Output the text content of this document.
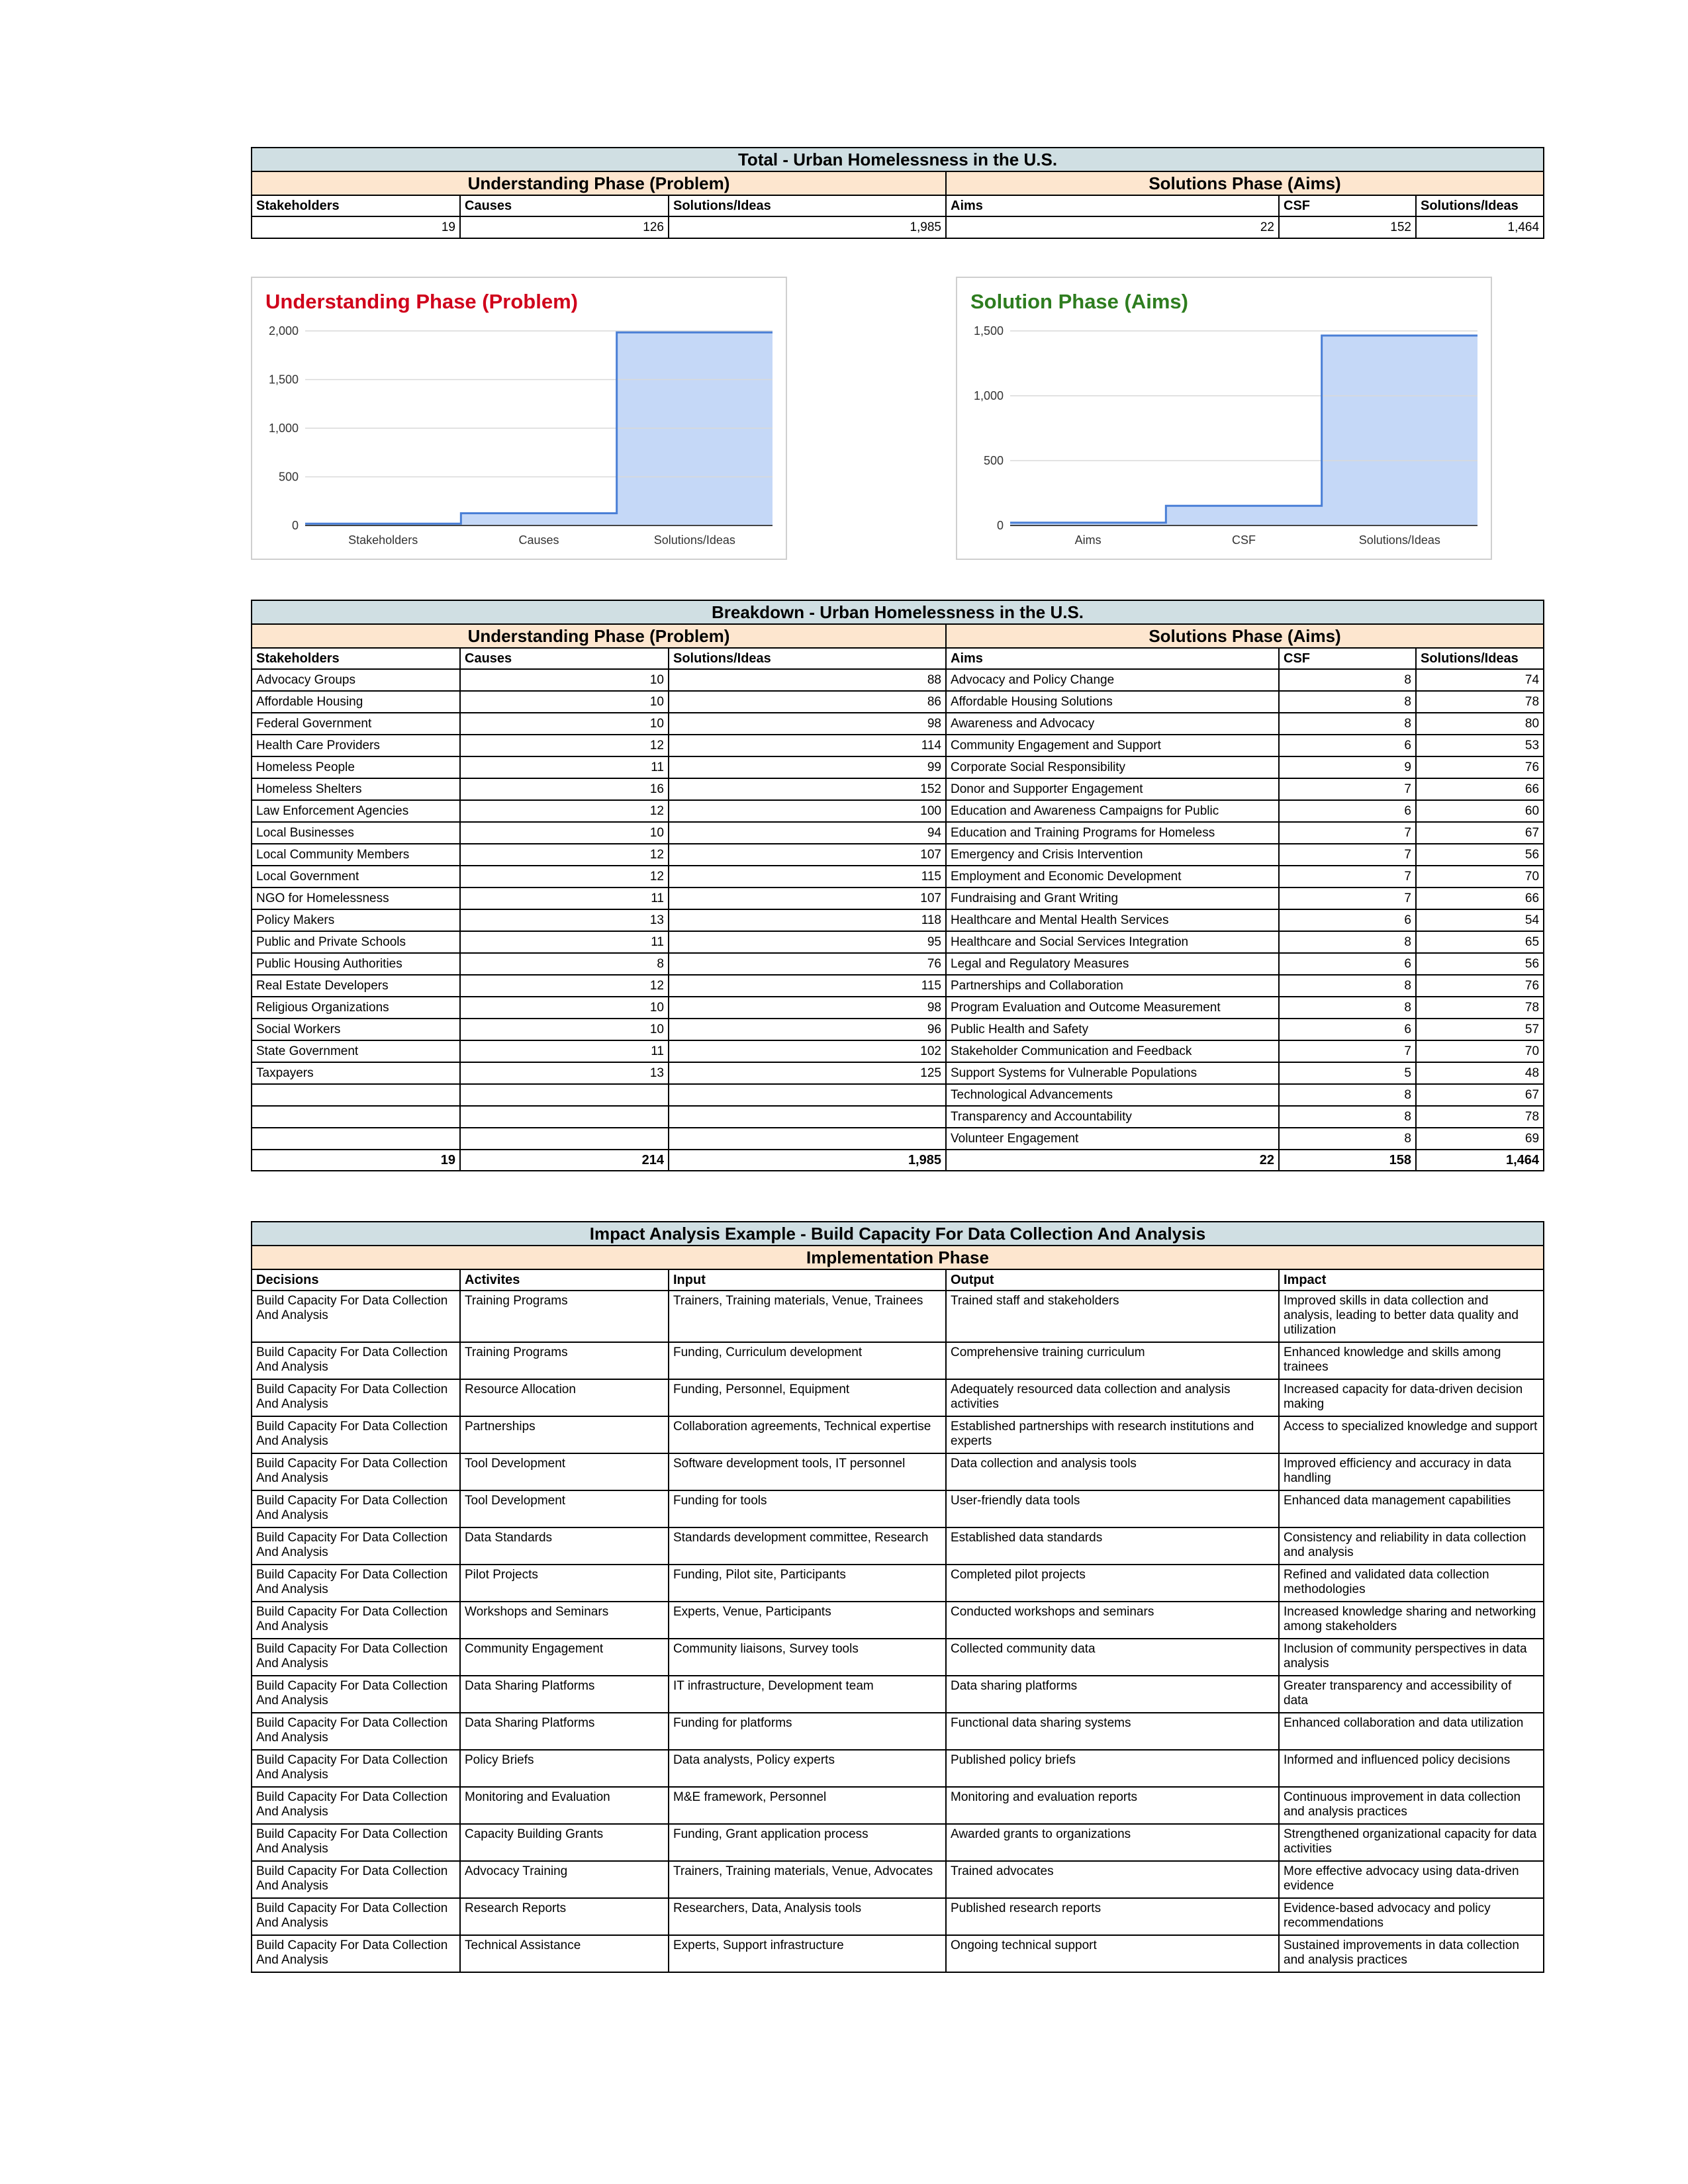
Total - Urban Homelessness in the U.S.					
Understanding Phase (Problem)			Solutions Phase (Aims)		
Stakeholders	Causes	Solutions/Ideas	Aims	CSF	Solutions/Ideas
19	126	1,985	22	152	1,464
Understanding Phase (Problem)
0
500
1,000
1,500
2,000
Stakeholders	Causes	Solutions/Ideas
Solution Phase (Aims)
0
500
1,000
1,500
Aims	CSF	Solutions/Ideas
Breakdown - Urban Homelessness in the U.S.					
Understanding Phase (Problem)			Solutions Phase (Aims)		
Stakeholders	Causes	Solutions/Ideas	Aims	CSF	Solutions/Ideas
Advocacy Groups	10	88	Advocacy and Policy Change	8	74
Affordable Housing	10	86	Affordable Housing Solutions	8	78
Federal Government	10	98	Awareness and Advocacy	8	80
Health Care Providers	12	114	Community Engagement and Support	6	53
Homeless People	11	99	Corporate Social Responsibility	9	76
Homeless Shelters	16	152	Donor and Supporter Engagement	7	66
Law Enforcement Agencies	12	100	Education and Awareness Campaigns for Public	6	60
Local Businesses	10	94	Education and Training Programs for Homeless	7	67
Local Community Members	12	107	Emergency and Crisis Intervention	7	56
Local Government	12	115	Employment and Economic Development	7	70
NGO for Homelessness	11	107	Fundraising and Grant Writing	7	66
Policy Makers	13	118	Healthcare and Mental Health Services	6	54
Public and Private Schools	11	95	Healthcare and Social Services Integration	8	65
Public Housing Authorities	8	76	Legal and Regulatory Measures	6	56
Real Estate Developers	12	115	Partnerships and Collaboration	8	76
Religious Organizations	10	98	Program Evaluation and Outcome Measurement	8	78
Social Workers	10	96	Public Health and Safety	6	57
State Government	11	102	Stakeholder Communication and Feedback	7	70
Taxpayers	13	125	Support Systems for Vulnerable Populations	5	48
			Technological Advancements	8	67
			Transparency and Accountability	8	78
			Volunteer Engagement	8	69
19	214	1,985	22	158	1,464
Impact Analysis Example - Build Capacity For Data Collection And Analysis				
Implementation Phase				
Decisions	Activites	Input	Output	Impact
Build Capacity For Data Collection And Analysis	Training Programs	Trainers, Training materials, Venue, Trainees	Trained staff and stakeholders	Improved skills in data collection and analysis, leading to better data quality and utilization
Build Capacity For Data Collection And Analysis	Training Programs	Funding, Curriculum development	Comprehensive training curriculum	Enhanced knowledge and skills among trainees
Build Capacity For Data Collection And Analysis	Resource Allocation	Funding, Personnel, Equipment	Adequately resourced data collection and analysis activities	Increased capacity for data-driven decision making
Build Capacity For Data Collection And Analysis	Partnerships	Collaboration agreements, Technical expertise	Established partnerships with research institutions and experts	Access to specialized knowledge and support
Build Capacity For Data Collection And Analysis	Tool Development	Software development tools, IT personnel	Data collection and analysis tools	Improved efficiency and accuracy in data handling
Build Capacity For Data Collection And Analysis	Tool Development	Funding for tools	User-friendly data tools	Enhanced data management capabilities
Build Capacity For Data Collection And Analysis	Data Standards	Standards development committee, Research	Established data standards	Consistency and reliability in data collection and analysis
Build Capacity For Data Collection And Analysis	Pilot Projects	Funding, Pilot site, Participants	Completed pilot projects	Refined and validated data collection methodologies
Build Capacity For Data Collection And Analysis	Workshops and Seminars	Experts, Venue, Participants	Conducted workshops and seminars	Increased knowledge sharing and networking among stakeholders
Build Capacity For Data Collection And Analysis	Community Engagement	Community liaisons, Survey tools	Collected community data	Inclusion of community perspectives in data analysis
Build Capacity For Data Collection And Analysis	Data Sharing Platforms	IT infrastructure, Development team	Data sharing platforms	Greater transparency and accessibility of data
Build Capacity For Data Collection And Analysis	Data Sharing Platforms	Funding for platforms	Functional data sharing systems	Enhanced collaboration and data utilization
Build Capacity For Data Collection And Analysis	Policy Briefs	Data analysts, Policy experts	Published policy briefs	Informed and influenced policy decisions
Build Capacity For Data Collection And Analysis	Monitoring and Evaluation	M&E framework, Personnel	Monitoring and evaluation reports	Continuous improvement in data collection and analysis practices
Build Capacity For Data Collection And Analysis	Capacity Building Grants	Funding, Grant application process	Awarded grants to organizations	Strengthened organizational capacity for data activities
Build Capacity For Data Collection And Analysis	Advocacy Training	Trainers, Training materials, Venue, Advocates	Trained advocates	More effective advocacy using data-driven evidence
Build Capacity For Data Collection And Analysis	Research Reports	Researchers, Data, Analysis tools	Published research reports	Evidence-based advocacy and policy recommendations
Build Capacity For Data Collection And Analysis	Technical Assistance	Experts, Support infrastructure	Ongoing technical support	Sustained improvements in data collection and analysis practices
